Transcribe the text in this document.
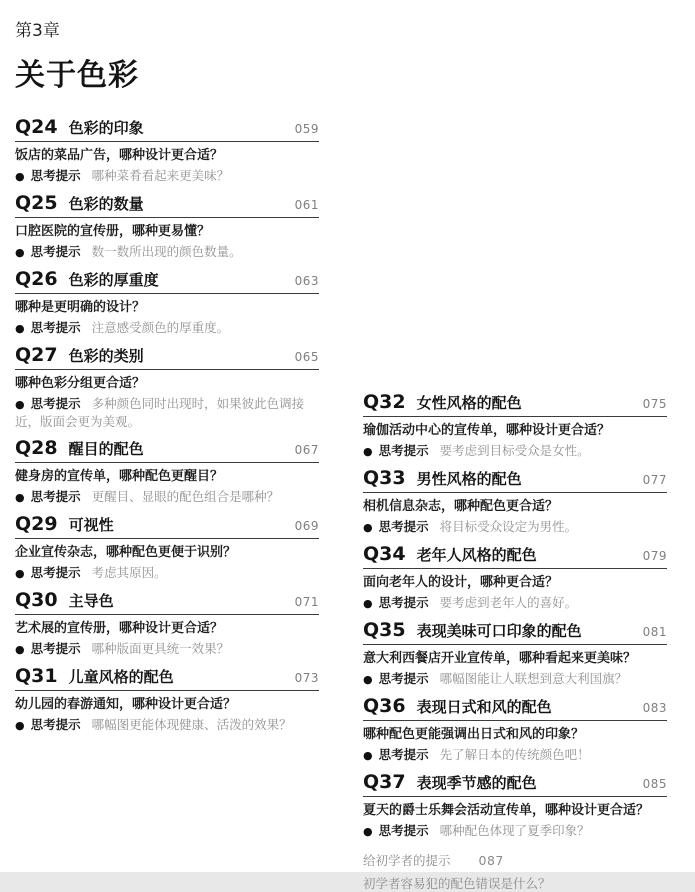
第3章
关于色彩
Q24 色彩的印象	059

饭店的菜品广告，哪种设计更合适？

● 思考提示 哪种菜肴看起来更美味？

Q25 色彩的数量	061

口腔医院的宣传册，哪种更易懂？

● 思考提示 数一数所出现的颜色数量。

Q26 色彩的厚重度	063

哪种是更明确的设计？

● 思考提示 注意感受颜色的厚重度。

Q27 色彩的类别	065

哪种色彩分组更合适？

● 思考提示 多种颜色同时出现时，如果彼此色调接近，版面会更为美观。

Q28 醒目的配色	067

健身房的宣传单，哪种配色更醒目？

● 思考提示 更醒目、显眼的配色组合是哪种？

Q29 可视性	069

企业宣传杂志，哪种配色更便于识别？

● 思考提示 考虑其原因。

Q30 主导色	071

艺术展的宣传册，哪种设计更合适？

● 思考提示 哪种版面更具统一效果？

Q31 儿童风格的配色	073

幼儿园的春游通知，哪种设计更合适？

● 思考提示 哪幅图更能体现健康、活泼的效果？

Q32 女性风格的配色	075

瑜伽活动中心的宣传单，哪种设计更合适？

● 思考提示 要考虑到目标受众是女性。

Q33 男性风格的配色	077

相机信息杂志，哪种配色更合适？

● 思考提示 将目标受众设定为男性。

Q34 老年人风格的配色	079

面向老年人的设计，哪种更合适？

● 思考提示 要考虑到老年人的喜好。

Q35 表现美味可口印象的配色	081

意大利西餐店开业宣传单，哪种看起来更美味？

● 思考提示 哪幅图能让人联想到意大利国旗？

Q36 表现日式和风的配色	083

哪种配色更能强调出日式和风的印象？

● 思考提示 先了解日本的传统颜色吧！

Q37 表现季节感的配色	085

夏天的爵士乐舞会活动宣传单，哪种设计更合适？

● 思考提示 哪种配色体现了夏季印象？

给初学者的提示 087

初学者容易犯的配色错误是什么？
